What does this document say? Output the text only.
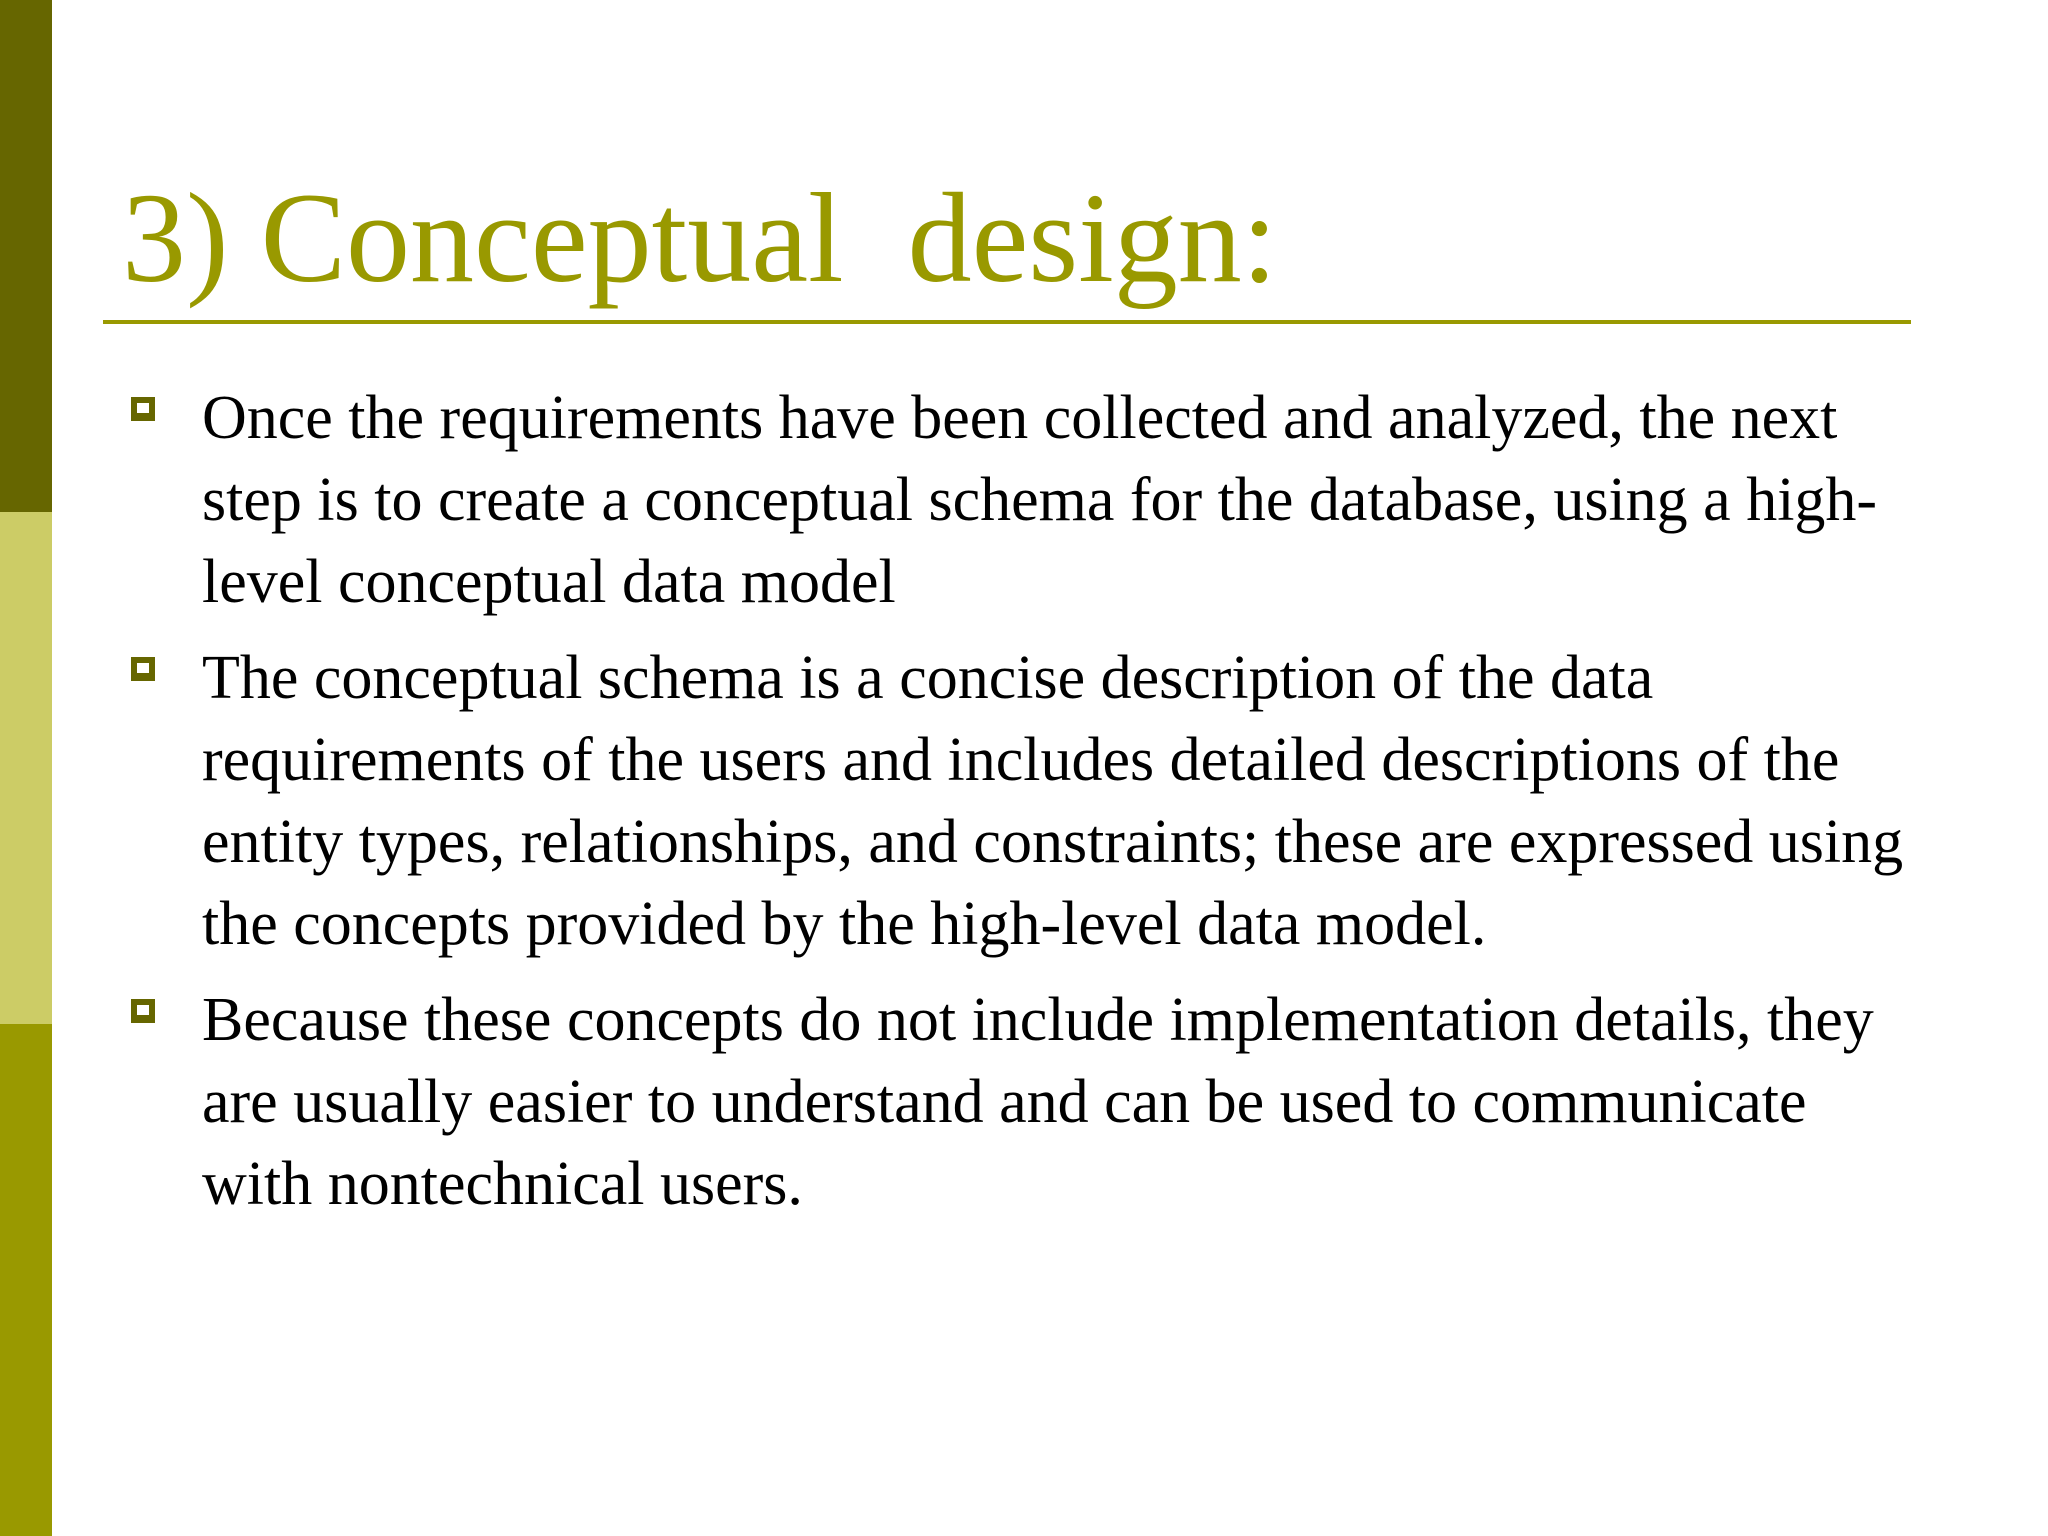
3) Conceptual  design:
Once the requirements have been collected and analyzed, the next step is to create a conceptual schema for the database, using a high-level conceptual data model
The conceptual schema is a concise description of the data requirements of the users and includes detailed descriptions of the entity types, relationships, and constraints; these are expressed using the concepts provided by the high-level data model.
Because these concepts do not include implementation details, they are usually easier to understand and can be used to communicate with nontechnical users.
